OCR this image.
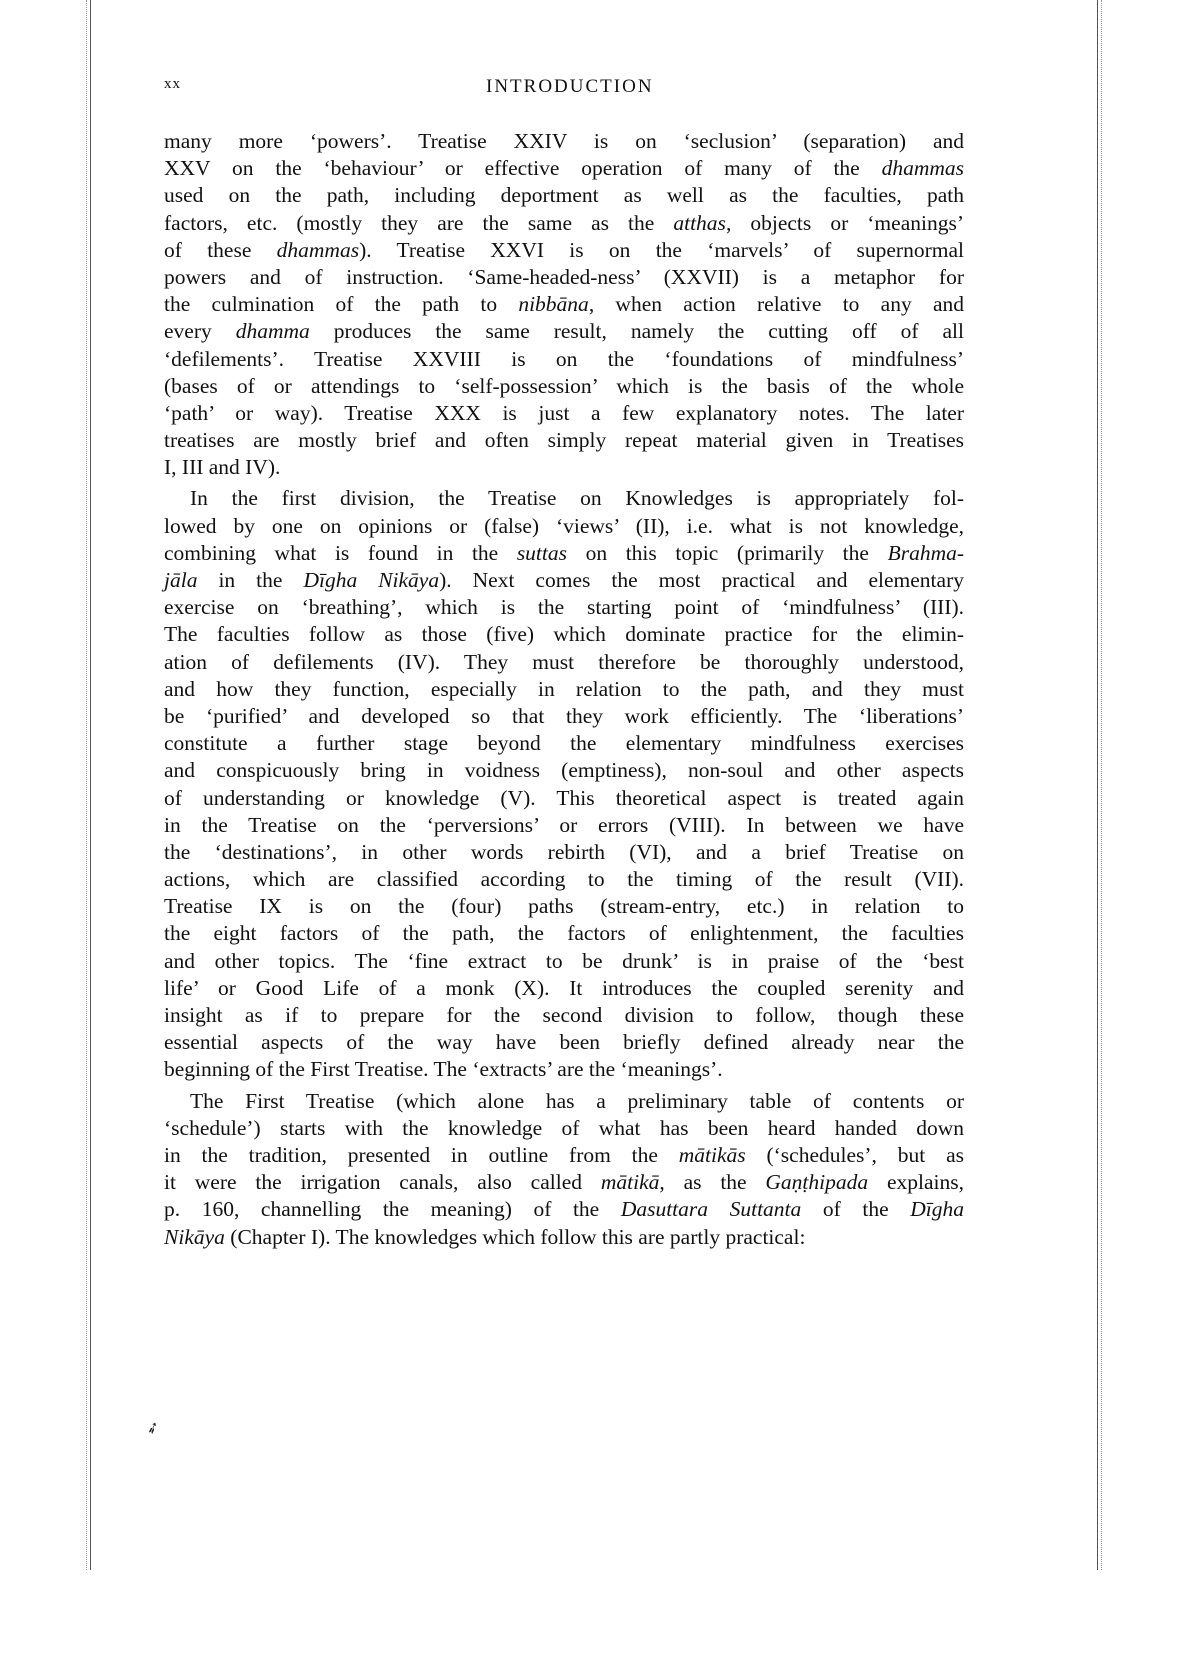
xx	INTRODUCTION
many more ‘powers’. Treatise XXIV is on ‘seclusion’ (separation) and
XXV on the ‘behaviour’ or effective operation of many of the dhammas
used on the path, including deportment as well as the faculties, path
factors, etc. (mostly they are the same as the atthas, objects or ‘meanings’
of these dhammas). Treatise XXVI is on the ‘marvels’ of supernormal
powers and of instruction. ‘Same-headed-ness’ (XXVII) is a metaphor for
the culmination of the path to nibbāna, when action relative to any and
every dhamma produces the same result, namely the cutting off of all
‘defilements’. Treatise XXVIII is on the ‘foundations of mindfulness’
(bases of or attendings to ‘self-possession’ which is the basis of the whole
‘path’ or way). Treatise XXX is just a few explanatory notes. The later
treatises are mostly brief and often simply repeat material given in Treatises
I, III and IV).
In the first division, the Treatise on Knowledges is appropriately fol-
lowed by one on opinions or (false) ‘views’ (II), i.e. what is not knowledge,
combining what is found in the suttas on this topic (primarily the Brahma-
jāla in the Dīgha Nikāya). Next comes the most practical and elementary
exercise on ‘breathing’, which is the starting point of ‘mindfulness’ (III).
The faculties follow as those (five) which dominate practice for the elimin-
ation of defilements (IV). They must therefore be thoroughly understood,
and how they function, especially in relation to the path, and they must
be ‘purified’ and developed so that they work efficiently. The ‘liberations’
constitute a further stage beyond the elementary mindfulness exercises
and conspicuously bring in voidness (emptiness), non-soul and other aspects
of understanding or knowledge (V). This theoretical aspect is treated again
in the Treatise on the ‘perversions’ or errors (VIII). In between we have
the ‘destinations’, in other words rebirth (VI), and a brief Treatise on
actions, which are classified according to the timing of the result (VII).
Treatise IX is on the (four) paths (stream-entry, etc.) in relation to
the eight factors of the path, the factors of enlightenment, the faculties
and other topics. The ‘fine extract to be drunk’ is in praise of the ‘best
life’ or Good Life of a monk (X). It introduces the coupled serenity and
insight as if to prepare for the second division to follow, though these
essential aspects of the way have been briefly defined already near the
beginning of the First Treatise. The ‘extracts’ are the ‘meanings’.
The First Treatise (which alone has a preliminary table of contents or
‘schedule’) starts with the knowledge of what has been heard handed down
in the tradition, presented in outline from the mātikās (‘schedules’, but as
it were the irrigation canals, also called mātikā, as the Gaṇṭhipada explains,
p. 160, channelling the meaning) of the Dasuttara Suttanta of the Dīgha
Nikāya (Chapter I). The knowledges which follow this are partly practical:
➶
